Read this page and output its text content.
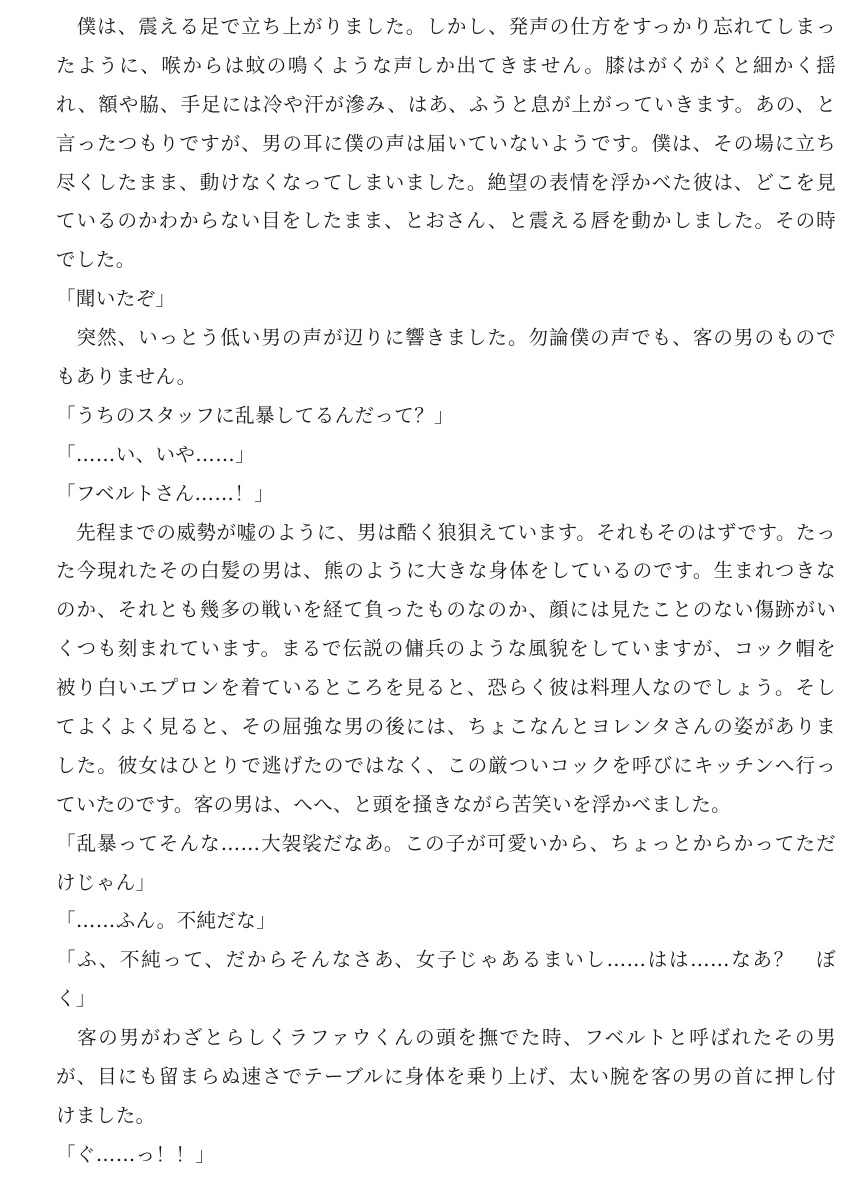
　僕は、震える足で立ち上がりました。しかし、発声の仕方をすっかり忘れてしまっ
たように、喉からは蚊の鳴くような声しか出てきません。膝はがくがくと細かく揺
れ、額や脇、手足には冷や汗が滲み、はあ、ふうと息が上がっていきます。あの、と
言ったつもりですが、男の耳に僕の声は届いていないようです。僕は、その場に立ち
尽くしたまま、動けなくなってしまいました。絶望の表情を浮かべた彼は、どこを見
ているのかわからない目をしたまま、とおさん、と震える唇を動かしました。その時
でした。
「聞いたぞ」
　突然、いっとう低い男の声が辺りに響きました。勿論僕の声でも、客の男のもので
もありません。
「うちのスタッフに乱暴してるんだって？」
「……い、いや……」
「フベルトさん……！」
　先程までの威勢が嘘のように、男は酷く狼狽えています。それもそのはずです。たっ
た今現れたその白髪の男は、熊のように大きな身体をしているのです。生まれつきな
のか、それとも幾多の戦いを経て負ったものなのか、顔には見たことのない傷跡がい
くつも刻まれています。まるで伝説の傭兵のような風貌をしていますが、コック帽を
被り白いエプロンを着ているところを見ると、恐らく彼は料理人なのでしょう。そし
てよくよく見ると、その屈強な男の後には、ちょこなんとヨレンタさんの姿がありま
した。彼女はひとりで逃げたのではなく、この厳ついコックを呼びにキッチンへ行っ
ていたのです。客の男は、へへ、と頭を掻きながら苦笑いを浮かべました。
「乱暴ってそんな……大袈裟だなあ。この子が可愛いから、ちょっとからかってただ
けじゃん」
「……ふん。不純だな」
「ふ、不純って、だからそんなさあ、女子じゃあるまいし……はは……なあ？　ぼ
く」
　客の男がわざとらしくラファウくんの頭を撫でた時、フベルトと呼ばれたその男
が、目にも留まらぬ速さでテーブルに身体を乗り上げ、太い腕を客の男の首に押し付
けました。
「ぐ……っ！！」
